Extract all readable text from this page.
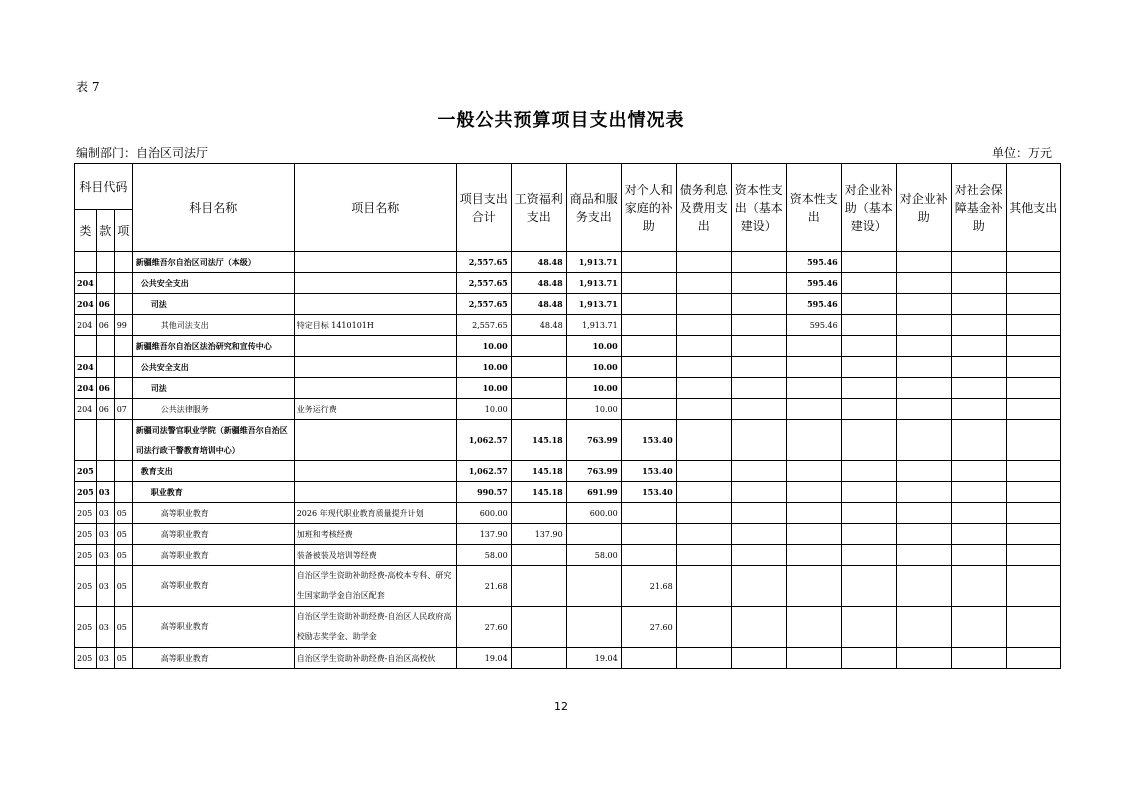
表 7
一般公共预算项目支出情况表
编制部门：自治区司法厅	单位：万元
科目代码			科目名称	项目名称	项目支出合计	工资福利支出	商品和服务支出	对个人和家庭的补助	债务利息及费用支出	资本性支出（基本建设）	资本性支出	对企业补助（基本建设）	对企业补助	对社会保障基金补助	其他支出
类	款	项													
			新疆维吾尔自治区司法厅（本级）		2,557.65	48.48	1,913.71				595.46				
204			公共安全支出		2,557.65	48.48	1,913.71				595.46				
204	06		司法		2,557.65	48.48	1,913.71				595.46				
204	06	99	其他司法支出	特定目标 1410101H	2,557.65	48.48	1,913.71				595.46				
			新疆维吾尔自治区法治研究和宣传中心		10.00		10.00								
204			公共安全支出		10.00		10.00								
204	06		司法		10.00		10.00								
204	06	07	公共法律服务	业务运行费	10.00		10.00								
			新疆司法警官职业学院（新疆维吾尔自治区司法行政干警教育培训中心）		1,062.57	145.18	763.99	153.40							
205			教育支出		1,062.57	145.18	763.99	153.40							
205	03		职业教育		990.57	145.18	691.99	153.40							
205	03	05	高等职业教育	2026 年现代职业教育质量提升计划	600.00		600.00								
205	03	05	高等职业教育	加班和考核经费	137.90	137.90									
205	03	05	高等职业教育	装备被装及培训等经费	58.00		58.00								
205	03	05	高等职业教育	自治区学生资助补助经费-高校本专科、研究生国家助学金自治区配套	21.68			21.68							
205	03	05	高等职业教育	自治区学生资助补助经费-自治区人民政府高校励志奖学金、助学金	27.60			27.60							
205	03	05	高等职业教育	自治区学生资助补助经费-自治区高校伙	19.04		19.04								
12
